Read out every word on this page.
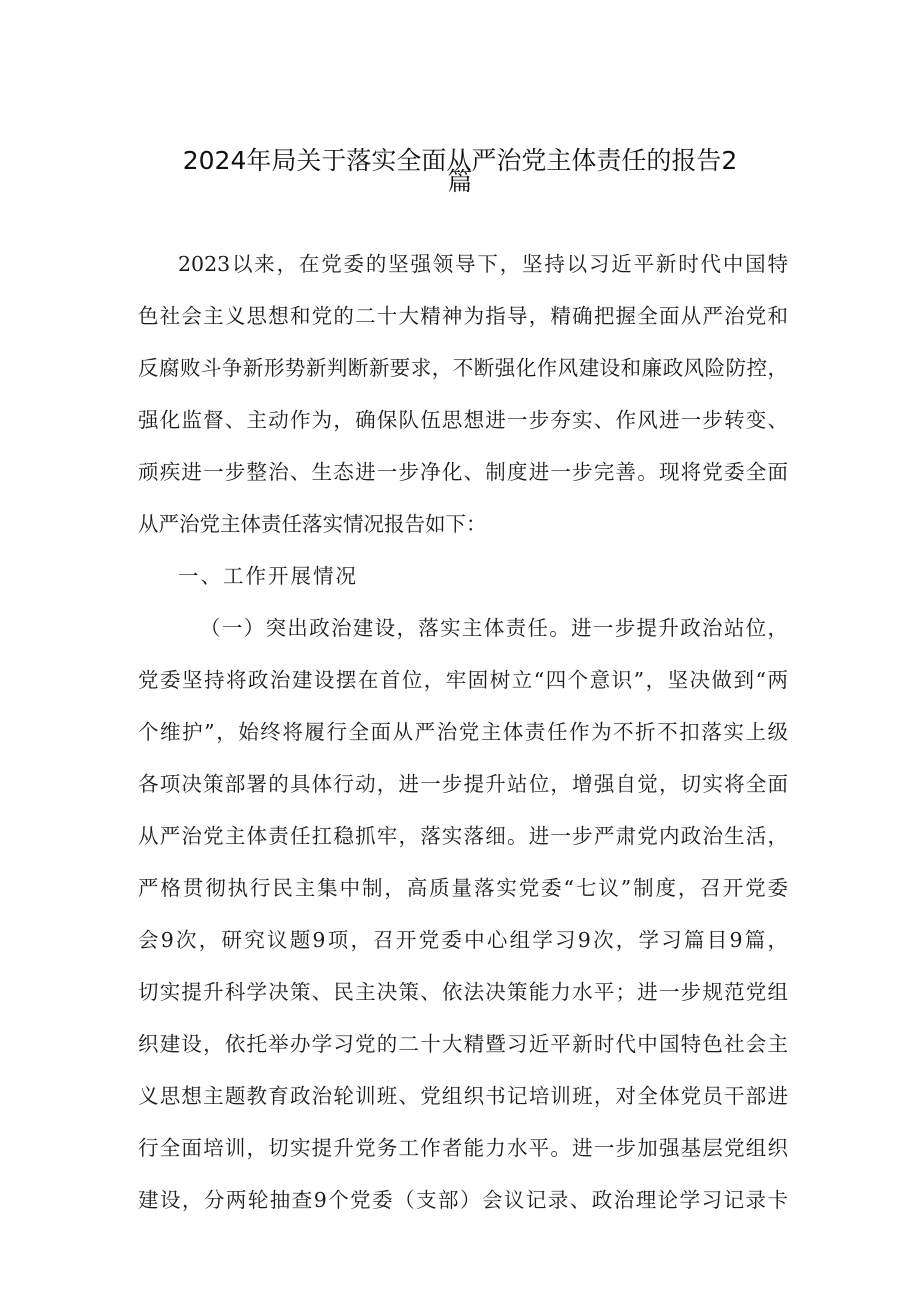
2024年局关于落实全面从严治党主体责任的报告2
篇
2023以来，在党委的坚强领导下，坚持以习近平新时代中国特
色社会主义思想和党的二十大精神为指导，精确把握全面从严治党和
反腐败斗争新形势新判断新要求，不断强化作风建设和廉政风险防控，
强化监督、主动作为，确保队伍思想进一步夯实、作风进一步转变、
顽疾进一步整治、生态进一步净化、制度进一步完善。现将党委全面
从严治党主体责任落实情况报告如下：
一、工作开展情况
（一）突出政治建设，落实主体责任。进一步提升政治站位，
党委坚持将政治建设摆在首位，牢固树立“四个意识”，坚决做到“两
个维护”，始终将履行全面从严治党主体责任作为不折不扣落实上级
各项决策部署的具体行动，进一步提升站位，增强自觉，切实将全面
从严治党主体责任扛稳抓牢，落实落细。进一步严肃党内政治生活，
严格贯彻执行民主集中制，高质量落实党委“七议”制度，召开党委
会9次，研究议题9项，召开党委中心组学习9次，学习篇目9篇，
切实提升科学决策、民主决策、依法决策能力水平；进一步规范党组
织建设，依托举办学习党的二十大精暨习近平新时代中国特色社会主
义思想主题教育政治轮训班、党组织书记培训班，对全体党员干部进
行全面培训，切实提升党务工作者能力水平。进一步加强基层党组织
建设，分两轮抽查9个党委（支部）会议记录、政治理论学习记录卡
